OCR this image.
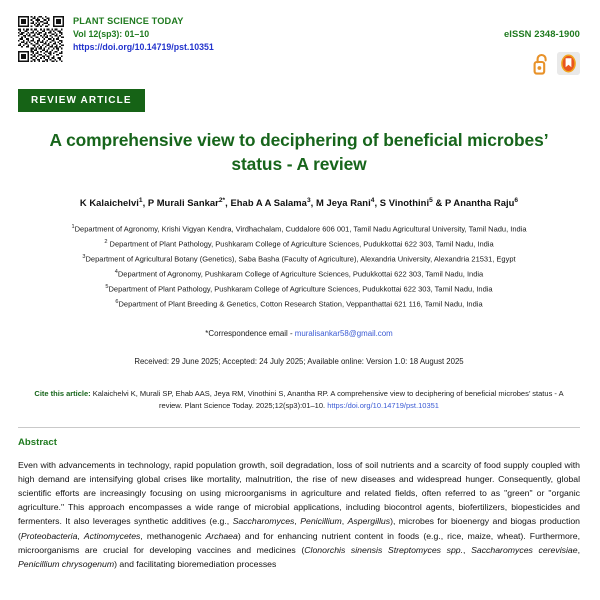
PLANT SCIENCE TODAY
Vol 12(sp3): 01–10
https://doi.org/10.14719/pst.10351
eISSN 2348-1900
REVIEW ARTICLE
A comprehensive view to deciphering of beneficial microbes’ status - A review
K Kalaichelvi$^1$, P Murali Sankar$^{2*}$, Ehab A A Salama$^3$, M Jeya Rani$^4$, S Vinothini$^5$ & P Anantha Raju$^6$
$^1$Department of Agronomy, Krishi Vigyan Kendra, Virdhachalam, Cuddalore 606 001, Tamil Nadu Agricultural University, Tamil Nadu, India
$^2$ Department of Plant Pathology, Pushkaram College of Agriculture Sciences, Pudukkottai 622 303, Tamil Nadu, India
$^3$Department of Agricultural Botany (Genetics), Saba Basha (Faculty of Agriculture), Alexandria University, Alexandria 21531, Egypt
$^4$Department of Agronomy, Pushkaram College of Agriculture Sciences, Pudukkottai 622 303, Tamil Nadu, India
$^5$Department of Plant Pathology, Pushkaram College of Agriculture Sciences, Pudukkottai 622 303, Tamil Nadu, India
$^6$Department of Plant Breeding & Genetics, Cotton Research Station, Veppanthattai 621 116, Tamil Nadu, India
*Correspondence email - muralisankar58@gmail.com
Received: 29 June 2025; Accepted: 24 July 2025; Available online: Version 1.0: 18 August 2025
Cite this article: Kalaichelvi K, Murali SP, Ehab AAS, Jeya RM, Vinothini S, Anantha RP. A comprehensive view to deciphering of beneficial microbes’ status - A review. Plant Science Today. 2025;12(sp3):01–10. https:/doi.org/10.14719/pst.10351
Abstract
Even with advancements in technology, rapid population growth, soil degradation, loss of soil nutrients and a scarcity of food supply coupled with high demand are intensifying global crises like mortality, malnutrition, the rise of new diseases and widespread hunger. Consequently, global scientific efforts are increasingly focusing on using microorganisms in agriculture and related fields, often referred to as "green" or "organic agriculture." This approach encompasses a wide range of microbial applications, including biocontrol agents, biofertilizers, biopesticides and fermenters. It also leverages synthetic additives (e.g., Saccharomyces, Penicillium, Aspergillus), microbes for bioenergy and biogas production (Proteobacteria, Actinomycetes, methanogenic Archaea) and for enhancing nutrient content in foods (e.g., rice, maize, wheat). Furthermore, microorganisms are crucial for developing vaccines and medicines (Clonorchis sinensis Streptomyces spp., Saccharomyces cerevisiae, Penicillium chrysogenum) and facilitating bioremediation processes
